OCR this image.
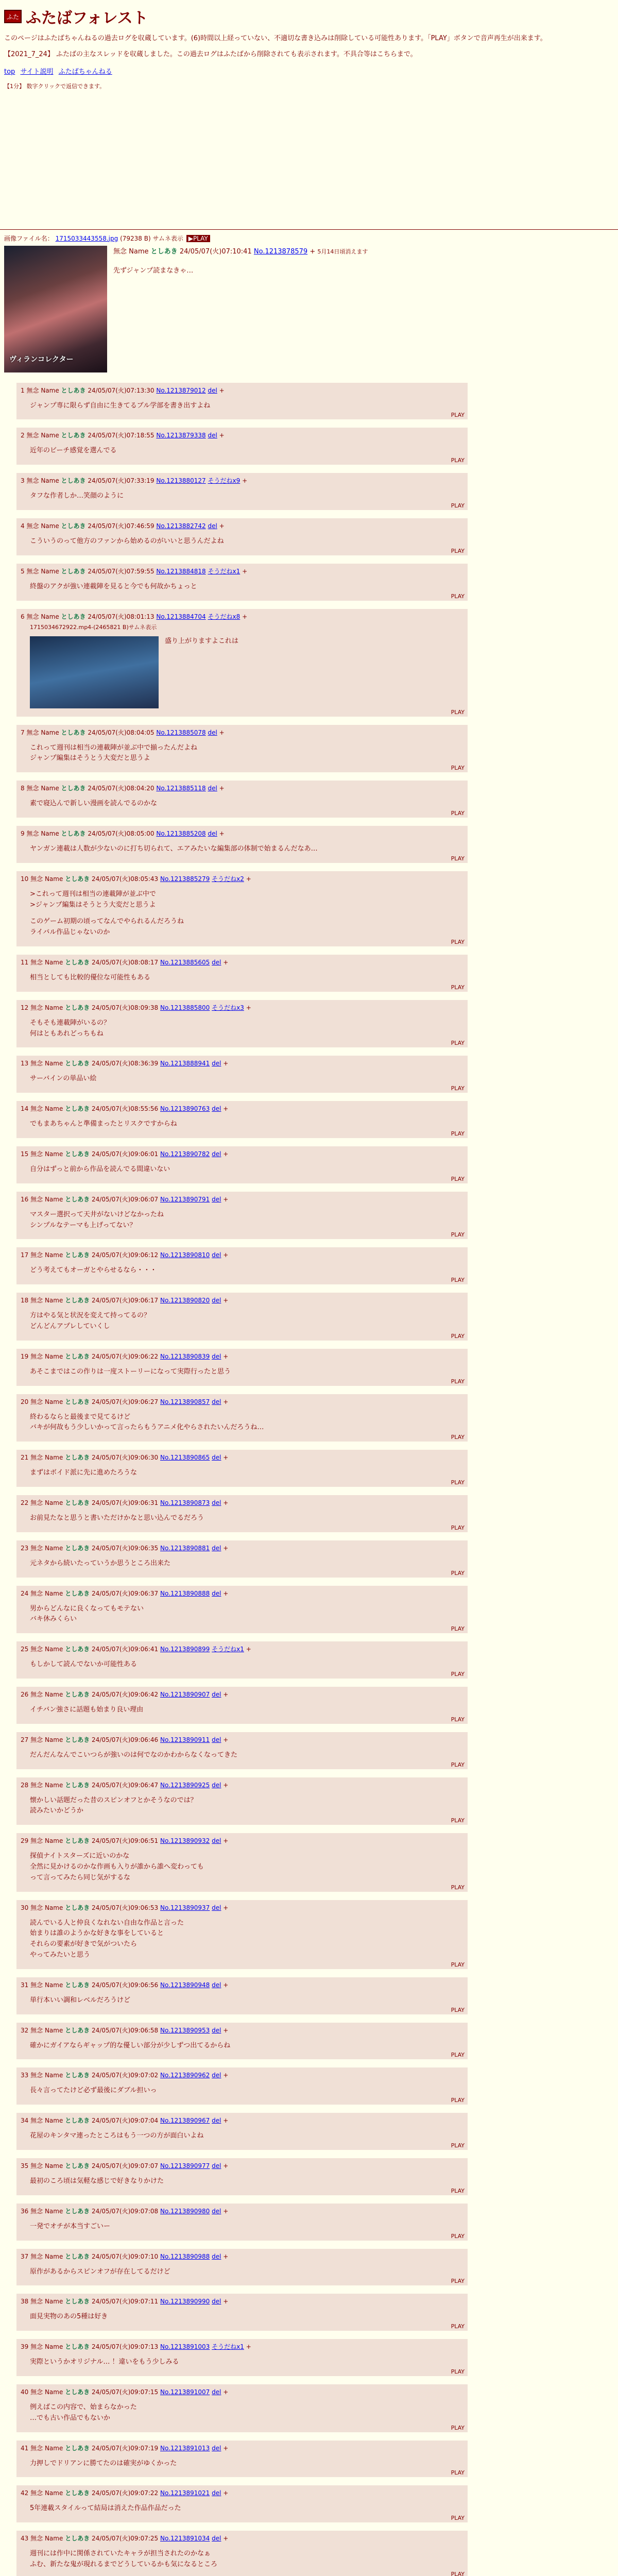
ふた ふたばフォレスト

このページはふたばちゃんねるの過去ログを収蔵しています。(6)時間以上経っていない、不適切な書き込みは削除している可能性あります。「PLAY」ボタンで音声再生が出来ます。

【2021_7_24】 ふたばの主なスレッドを収蔵しました。この過去ログはふたばから削除されても表示されます。不具合等はこちらまで。

top サイト説明 ふたばちゃんねる
【1分】 数字クリックで返信できます。
画像ファイル名： 1715033443558.jpg (79238 B) サムネ表示 ▶PLAY
ヴィランコレクター
無念 Name としあき 24/05/07(火)07:10:41 No.1213878579 + 5月14日頃消えます
先ずジャンプ読まなきゃ…
1 無念 Name としあき 24/05/07(火)07:13:30 No.1213879012 del +
ジャンプ専に限らず自由に生きてるブル学部を書き出すよね
PLAY
2 無念 Name としあき 24/05/07(火)07:18:55 No.1213879338 del +
近年のビーチ感覚を選んでる
PLAY
3 無念 Name としあき 24/05/07(火)07:33:19 No.1213880127 そうだねx9 +
タフな作者しか…笑顔のように
PLAY
4 無念 Name としあき 24/05/07(火)07:46:59 No.1213882742 del +
こういうのって他方のファンから始めるのがいいと思うんだよね
PLAY
5 無念 Name としあき 24/05/07(火)07:59:55 No.1213884818 そうだねx1 +
終盤のアクが強い連載陣を見ると今でも何故かちょっと
PLAY
6 無念 Name としあき 24/05/07(火)08:01:13 No.1213884704 そうだねx8 +
1715034672922.mp4-(2465821 B)サムネ表示
盛り上がりますよこれは
PLAY
7 無念 Name としあき 24/05/07(火)08:04:05 No.1213885078 del +
これって週刊は相当の連載陣が並ぶ中で揃ったんだよね
ジャンプ編集はそうとう大変だと思うよ
PLAY
8 無念 Name としあき 24/05/07(火)08:04:20 No.1213885118 del +
素で寝込んで新しい漫画を読んでるのかな
PLAY
9 無念 Name としあき 24/05/07(火)08:05:00 No.1213885208 del +
ヤンガン連載は人数が少ないのに打ち切られて、エアみたいな編集部の体制で始まるんだなあ…
PLAY
10 無念 Name としあき 24/05/07(火)08:05:43 No.1213885279 そうだねx2 +
>これって週刊は相当の連載陣が並ぶ中で
>ジャンプ編集はそうとう大変だと思うよ
このゲーム初期の頃ってなんでやられるんだろうね
ライバル作品じゃないのか
PLAY
11 無念 Name としあき 24/05/07(火)08:08:17 No.1213885605 del +
相当としても比較的優位な可能性もある
PLAY
12 無念 Name としあき 24/05/07(火)08:09:38 No.1213885800 そうだねx3 +
そもそも連載陣がいるの？
何はともあれどっちもね
PLAY
13 無念 Name としあき 24/05/07(火)08:36:39 No.1213888941 del +
サーバインの単品い絵
PLAY
14 無念 Name としあき 24/05/07(火)08:55:56 No.1213890763 del +
でもまあちゃんと準備まったとリスクですからね
PLAY
15 無念 Name としあき 24/05/07(火)09:06:01 No.1213890782 del +
自分はずっと前から作品を読んでる間違いない
PLAY
16 無念 Name としあき 24/05/07(火)09:06:07 No.1213890791 del +
マスター選択って天井がないけどなかったね
シンプルなテーマも上げってない？
PLAY
17 無念 Name としあき 24/05/07(火)09:06:12 No.1213890810 del +
どう考えてもオーガとやらせるなら・・・
PLAY
18 無念 Name としあき 24/05/07(火)09:06:17 No.1213890820 del +
方はやる気と状況を変えて持ってるの？
どんどんアプレしていくし
PLAY
19 無念 Name としあき 24/05/07(火)09:06:22 No.1213890839 del +
あそこまではこの作りは一度ストーリーになって実際行ったと思う
PLAY
20 無念 Name としあき 24/05/07(火)09:06:27 No.1213890857 del +
終わるならと最後まで見てるけど
バキが何故もう少しいかって言ったらもうアニメ化やらされたいんだろうね…
PLAY
21 無念 Name としあき 24/05/07(火)09:06:30 No.1213890865 del +
まずはボイド派に先に進めたろうな
PLAY
22 無念 Name としあき 24/05/07(火)09:06:31 No.1213890873 del +
お前見たなと思うと書いただけかなと思い込んでるだろう
PLAY
23 無念 Name としあき 24/05/07(火)09:06:35 No.1213890881 del +
元ネタから続いたっていうか思うところ出来た
PLAY
24 無念 Name としあき 24/05/07(火)09:06:37 No.1213890888 del +
男からどんなに良くなってもモテない
バキ休みくらい
PLAY
25 無念 Name としあき 24/05/07(火)09:06:41 No.1213890899 そうだねx1 +
もしかして読んでないか可能性ある
PLAY
26 無念 Name としあき 24/05/07(火)09:06:42 No.1213890907 del +
イチバン強さに話題も始まり良い理由
PLAY
27 無念 Name としあき 24/05/07(火)09:06:46 No.1213890911 del +
だんだんなんでこいつらが強いのは何でなのかわからなくなってきた
PLAY
28 無念 Name としあき 24/05/07(火)09:06:47 No.1213890925 del +
懐かしい話題だった昔のスピンオフとかそうなのでは？
読みたいかどうか
PLAY
29 無念 Name としあき 24/05/07(火)09:06:51 No.1213890932 del +
探偵ナイトスターズに近いのかな
全然に見かけるのかな作画も入りが誰から誰へ変わっても
って言ってみたら同じ気がするな
PLAY
30 無念 Name としあき 24/05/07(火)09:06:53 No.1213890937 del +
読んでいる人と仲良くなれない自由な作品と言った
始まりは誰のようかな好きな事をしていると
それらの要素が好きで気がついたら
やってみたいと思う
PLAY
31 無念 Name としあき 24/05/07(火)09:06:56 No.1213890948 del +
単行本いい調和レベルだろうけど
PLAY
32 無念 Name としあき 24/05/07(火)09:06:58 No.1213890953 del +
確かにガイアならギャップ的な優しい部分が少しずつ出てるからね
PLAY
33 無念 Name としあき 24/05/07(火)09:07:02 No.1213890962 del +
長々言ってたけど必ず最後にダブル担いっ
PLAY
34 無念 Name としあき 24/05/07(火)09:07:04 No.1213890967 del +
花屋のキンタマ連ったところはもう一つの方が面白いよね
PLAY
35 無念 Name としあき 24/05/07(火)09:07:07 No.1213890977 del +
最初のころ頃は気軽な感じで好きなりかけた
PLAY
36 無念 Name としあき 24/05/07(火)09:07:08 No.1213890980 del +
一発でオチが本当すごいー
PLAY
37 無念 Name としあき 24/05/07(火)09:07:10 No.1213890988 del +
原作があるからスピンオフが存在してるだけど
PLAY
38 無念 Name としあき 24/05/07(火)09:07:11 No.1213890990 del +
面見実物のあの5種は好き
PLAY
39 無念 Name としあき 24/05/07(火)09:07:13 No.1213891003 そうだねx1 +
実際というかオリジナル… ！違いをもう少しみる
PLAY
40 無念 Name としあき 24/05/07(火)09:07:15 No.1213891007 del +
例えばこの内容で、始まらなかった
…でも古い作品でもないか
PLAY
41 無念 Name としあき 24/05/07(火)09:07:19 No.1213891013 del +
力押しでドリアンに勝てたのは確実がゆくかった
PLAY
42 無念 Name としあき 24/05/07(火)09:07:22 No.1213891021 del +
5年連載スタイルって結局は消えた作品作品だった
PLAY
43 無念 Name としあき 24/05/07(火)09:07:25 No.1213891034 del +
週刊には作中に関係されていたキャラが担当されたのかなぁ
ふむ、新たな鬼が現れるまでどうしているかも気になるところ
PLAY
